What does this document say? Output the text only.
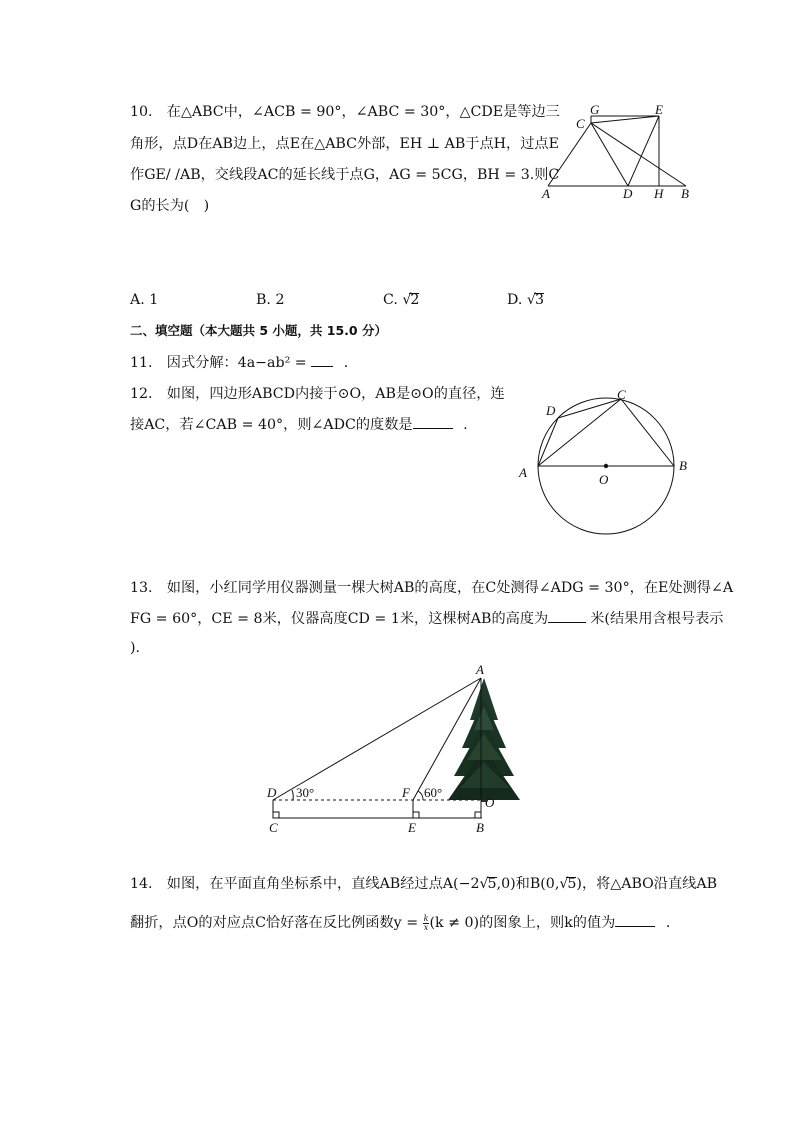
10.　在△ABC中，∠ACB = 90°，∠ABC = 30°，△CDE是等边三
角形，点D在AB边上，点E在△ABC外部，EH ⊥ AB于点H，过点E
作GE/ /AB，交线段AC的延长线于点G，AG = 5CG，BH = 3.则C
G的长为(　)
G	E
C
A	D H B
A. 1	B. 2	C. √2	D. √3
二、填空题（本大题共 5 小题，共 15.0 分）
11.　因式分解：4a−ab² =  .
12.　如图，四边形ABCD内接于⊙O，AB是⊙O的直径，连
接AC，若∠CAB = 40°，则∠ADC的度数是	.
D
C
A	O
B
13.　如图，小红同学用仪器测量一棵大树AB的高度，在C处测得∠ADG = 30°，在E处测得∠A
FG = 60°，CE = 8米，仪器高度CD = 1米，这棵树AB的高度为	米(结果用含根号表示
).
A
D 30°	F 60°
O
C	E	B
14.　如图，在平面直角坐标系中，直线AB经过点A(−2√5,0)和B(0,√5)，将△ABO沿直线AB
翻折，点O的对应点C恰好落在反比例函数$y = \frac{k}{x} (k \ne 0)$的图象上，则k的值为	.
